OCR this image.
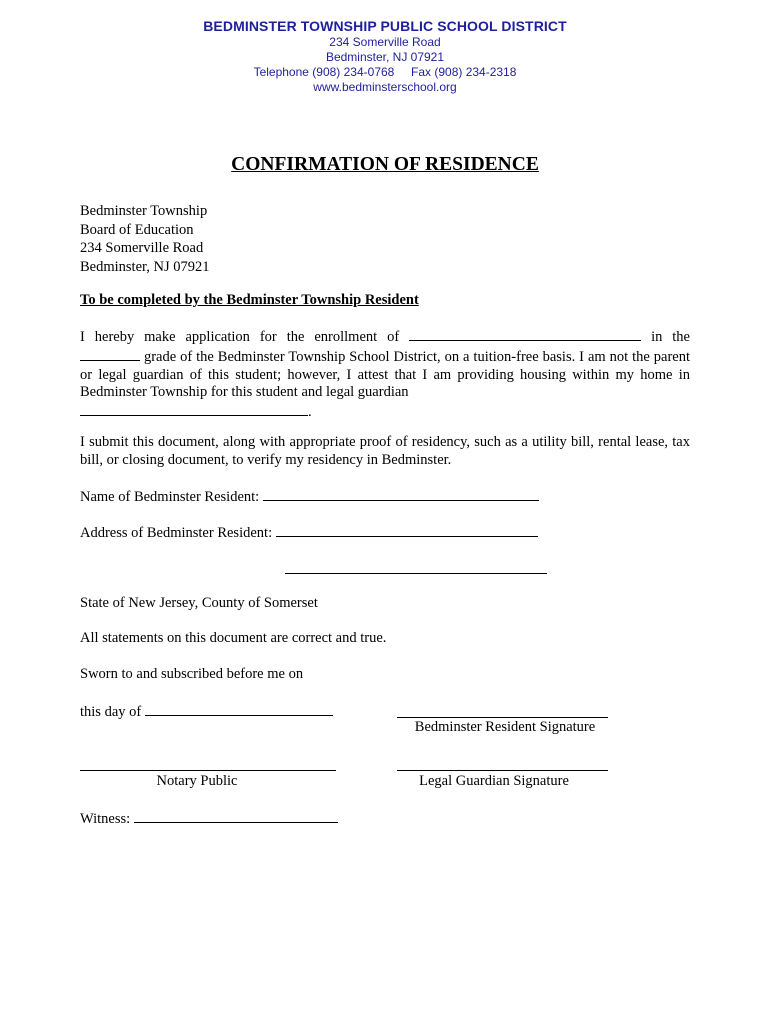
BEDMINSTER TOWNSHIP PUBLIC SCHOOL DISTRICT
234 Somerville Road
Bedminster, NJ 07921
Telephone (908) 234-0768     Fax (908) 234-2318
www.bedminsterschool.org
CONFIRMATION OF RESIDENCE
Bedminster Township
Board of Education
234 Somerville Road
Bedminster, NJ 07921
To be completed by the Bedminster Township Resident
I hereby make application for the enrollment of	in the  grade of the Bedminster Township School District, on a tuition-free basis. I am not the parent or legal guardian of this student; however, I attest that I am providing housing within my home in Bedminster Township for this student and legal guardian
.
I submit this document, along with appropriate proof of residency, such as a utility bill, rental lease, tax bill, or closing document, to verify my residency in Bedminster.
Name of Bedminster Resident:
Address of Bedminster Resident:
State of New Jersey, County of Somerset
All statements on this document are correct and true.
Sworn to and subscribed before me on
this day of
Bedminster Resident Signature
Notary Public	Legal Guardian Signature
Witness:
